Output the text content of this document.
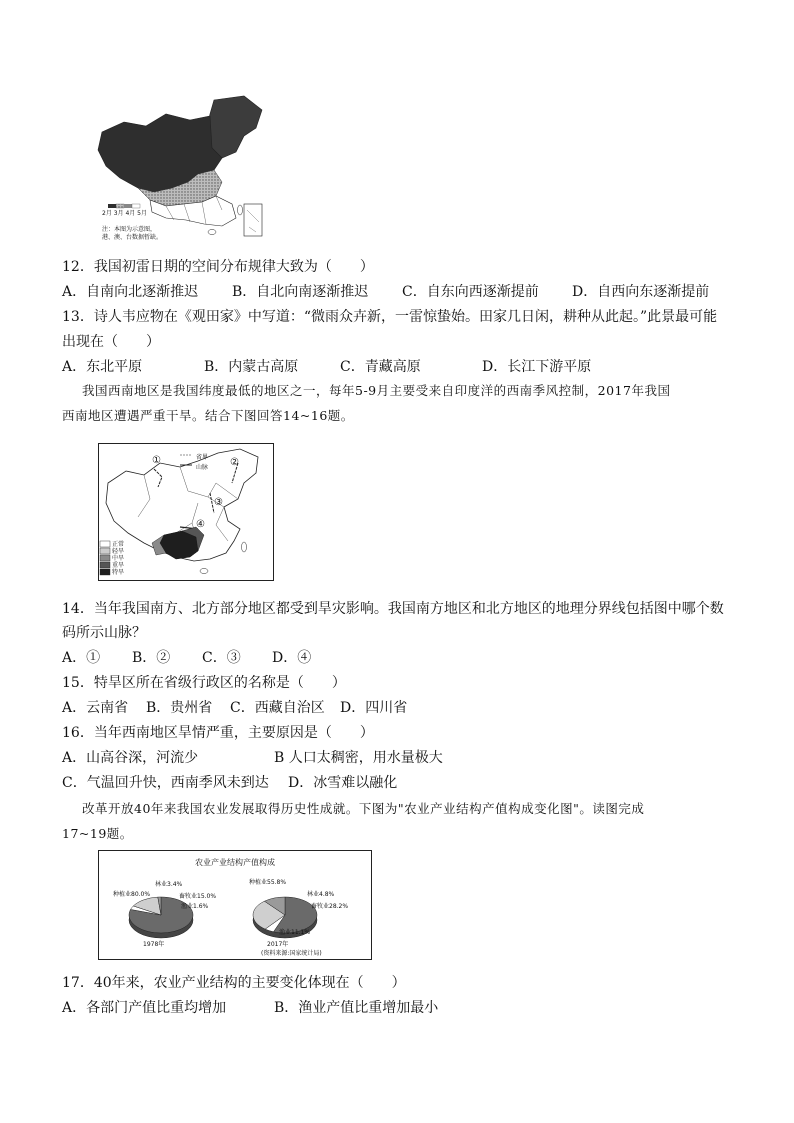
2月 3月 4月 5月
注：本图为示意图，
港、澳、台数据暂缺。
12．我国初雷日期的空间分布规律大致为（　　）
A．自南向北逐渐推迟 B．自北向南逐渐推迟 C．自东向西逐渐提前 D．自西向东逐渐提前
13．诗人韦应物在《观田家》中写道：“微雨众卉新，一雷惊蛰始。田家几日闲，耕种从此起。”此景最可能
出现在（　　）
A．东北平原	B．内蒙古高原	C．青藏高原	D．长江下游平原
我国西南地区是我国纬度最低的地区之一，每年5-9月主要受来自印度洋的西南季风控制，2017年我国
西南地区遭遇严重干旱。结合下图回答14~16题。
省界
山脉
①	②
③
④
正常
轻旱
中旱
重旱
特旱
14．当年我国南方、北方部分地区都受到旱灾影响。我国南方地区和北方地区的地理分界线包括图中哪个数
码所示山脉？
A．① B．② C．③ D．④
15．特旱区所在省级行政区的名称是（　　）
A．云南省 B．贵州省 C．西藏自治区 D．四川省
16．当年西南地区旱情严重，主要原因是（　　）
A．山高谷深，河流少	B 人口太稠密，用水量极大
C．气温回升快，西南季风未到达 D．冰雪难以融化
改革开放40年来我国农业发展取得历史性成就。下图为"农业产业结构产值构成变化图"。读图完成
17~19题。
农业产业结构产值构成
种植业80.0%
林业3.4%
畜牧业15.0%
渔业1.6%
1978年
种植业55.8%
林业4.8%
畜牧业28.2%
渔业11.1%
2017年
(资料来源:国家统计局)
17．40年来，农业产业结构的主要变化体现在（　　）
A．各部门产值比重均增加	B．渔业产值比重增加最小
